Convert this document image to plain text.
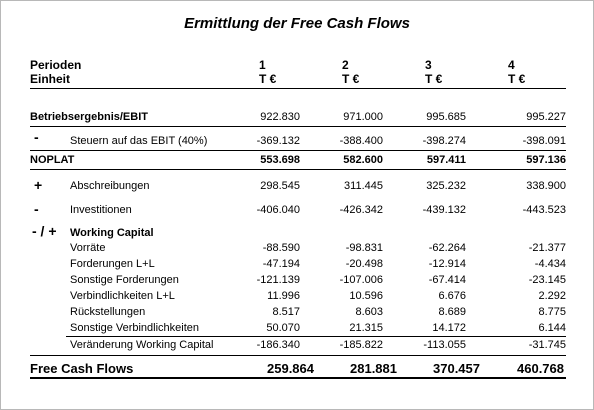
Ermittlung der Free Cash Flows
Perioden
Einheit
1	2	3	4
T €	T €	T €	T €
Betriebsergebnis/EBIT	922.830	971.000	995.685	995.227
-	Steuern auf das EBIT (40%)	-369.132	-388.400	-398.274	-398.091
NOPLAT	553.698	582.600	597.411	597.136
+	Abschreibungen	298.545	311.445	325.232	338.900
-	Investitionen	-406.040	-426.342	-439.132	-443.523
- / + Working Capital
Vorräte	-88.590	-98.831	-62.264	-21.377
Forderungen L+L	-47.194	-20.498	-12.914	-4.434
Sonstige Forderungen	-121.139	-107.006	-67.414	-23.145
Verbindlichkeiten L+L	11.996	10.596	6.676	2.292
Rückstellungen	8.517	8.603	8.689	8.775
Sonstige Verbindlichkeiten	50.070	21.315	14.172	6.144
Veränderung Working Capital	-186.340	-185.822	-113.055	-31.745
Free Cash Flows	259.864	281.881	370.457	460.768
